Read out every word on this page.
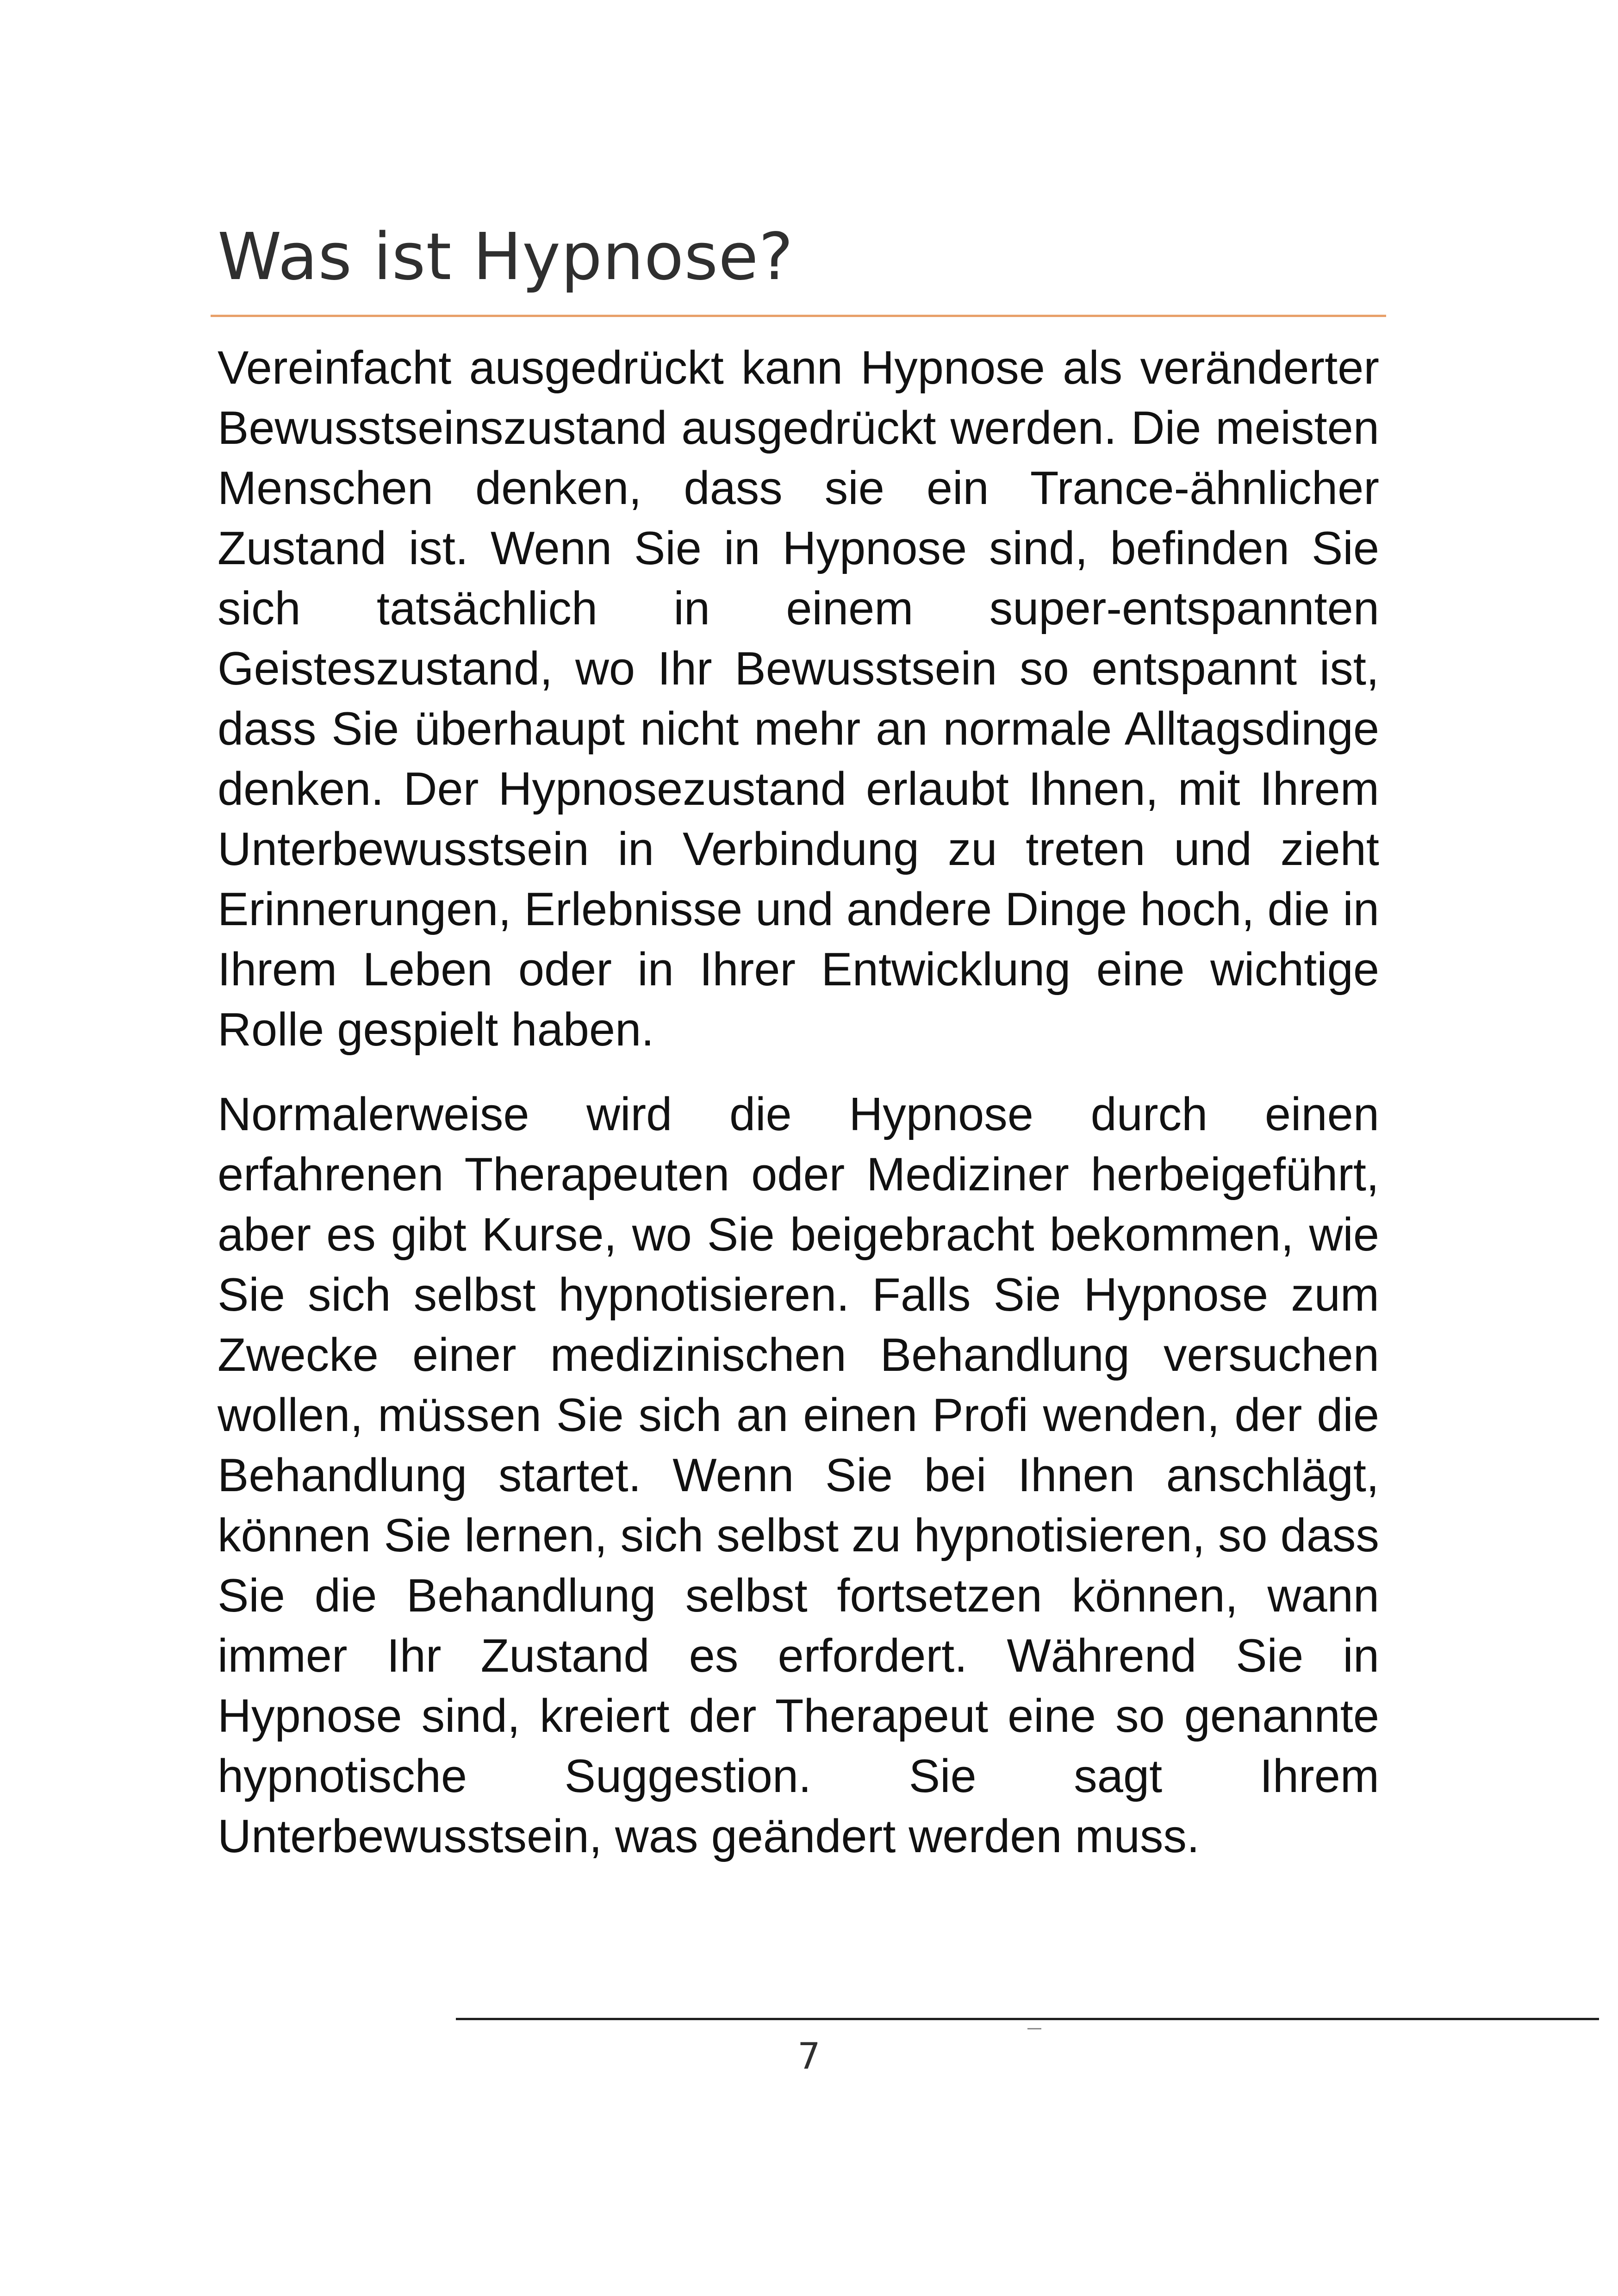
Was ist Hypnose?

Vereinfacht ausgedrückt kann Hypnose als veränderter Bewusstseinszustand ausgedrückt werden. Die meisten Menschen denken, dass sie ein Trance-ähnlicher Zustand ist. Wenn Sie in Hypnose sind, befinden Sie sich tatsächlich in einem super-entspannten Geisteszustand, wo Ihr Bewusstsein so entspannt ist, dass Sie überhaupt nicht mehr an normale Alltagsdinge denken. Der Hypnosezustand erlaubt Ihnen, mit Ihrem Unterbewusstsein in Verbindung zu treten und zieht Erinnerungen, Erlebnisse und andere Dinge hoch, die in Ihrem Leben oder in Ihrer Entwicklung eine wichtige Rolle gespielt haben.

Normalerweise wird die Hypnose durch einen erfahrenen Therapeuten oder Mediziner herbeigeführt, aber es gibt Kurse, wo Sie beigebracht bekommen, wie Sie sich selbst hypnotisieren. Falls Sie Hypnose zum Zwecke einer medizinischen Behandlung versuchen wollen, müssen Sie sich an einen Profi wenden, der die Behandlung startet. Wenn Sie bei Ihnen anschlägt, können Sie lernen, sich selbst zu hypnotisieren, so dass Sie die Behandlung selbst fortsetzen können, wann immer Ihr Zustand es erfordert. Während Sie in Hypnose sind, kreiert der Therapeut eine so genannte hypnotische Suggestion. Sie sagt Ihrem Unterbewusstsein, was geändert werden muss.

7
